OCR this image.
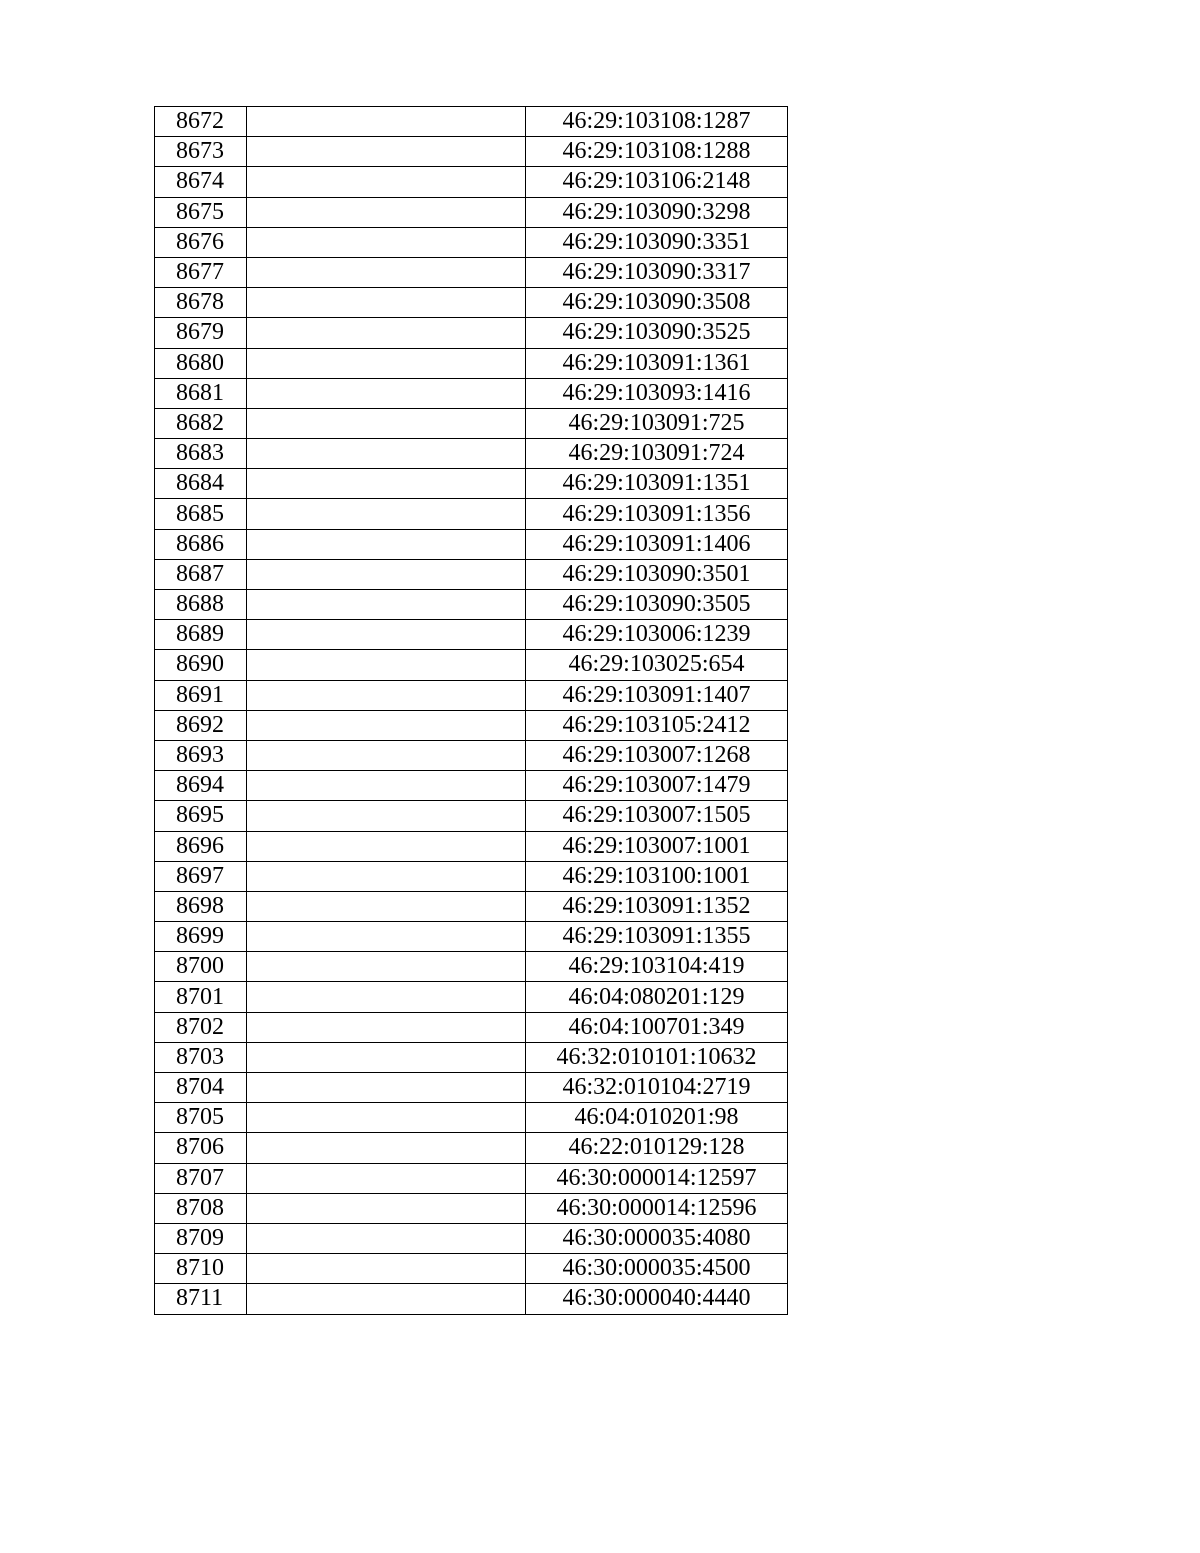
8672		46:29:103108:1287
8673		46:29:103108:1288
8674		46:29:103106:2148
8675		46:29:103090:3298
8676		46:29:103090:3351
8677		46:29:103090:3317
8678		46:29:103090:3508
8679		46:29:103090:3525
8680		46:29:103091:1361
8681		46:29:103093:1416
8682		46:29:103091:725
8683		46:29:103091:724
8684		46:29:103091:1351
8685		46:29:103091:1356
8686		46:29:103091:1406
8687		46:29:103090:3501
8688		46:29:103090:3505
8689		46:29:103006:1239
8690		46:29:103025:654
8691		46:29:103091:1407
8692		46:29:103105:2412
8693		46:29:103007:1268
8694		46:29:103007:1479
8695		46:29:103007:1505
8696		46:29:103007:1001
8697		46:29:103100:1001
8698		46:29:103091:1352
8699		46:29:103091:1355
8700		46:29:103104:419
8701		46:04:080201:129
8702		46:04:100701:349
8703		46:32:010101:10632
8704		46:32:010104:2719
8705		46:04:010201:98
8706		46:22:010129:128
8707		46:30:000014:12597
8708		46:30:000014:12596
8709		46:30:000035:4080
8710		46:30:000035:4500
8711		46:30:000040:4440
